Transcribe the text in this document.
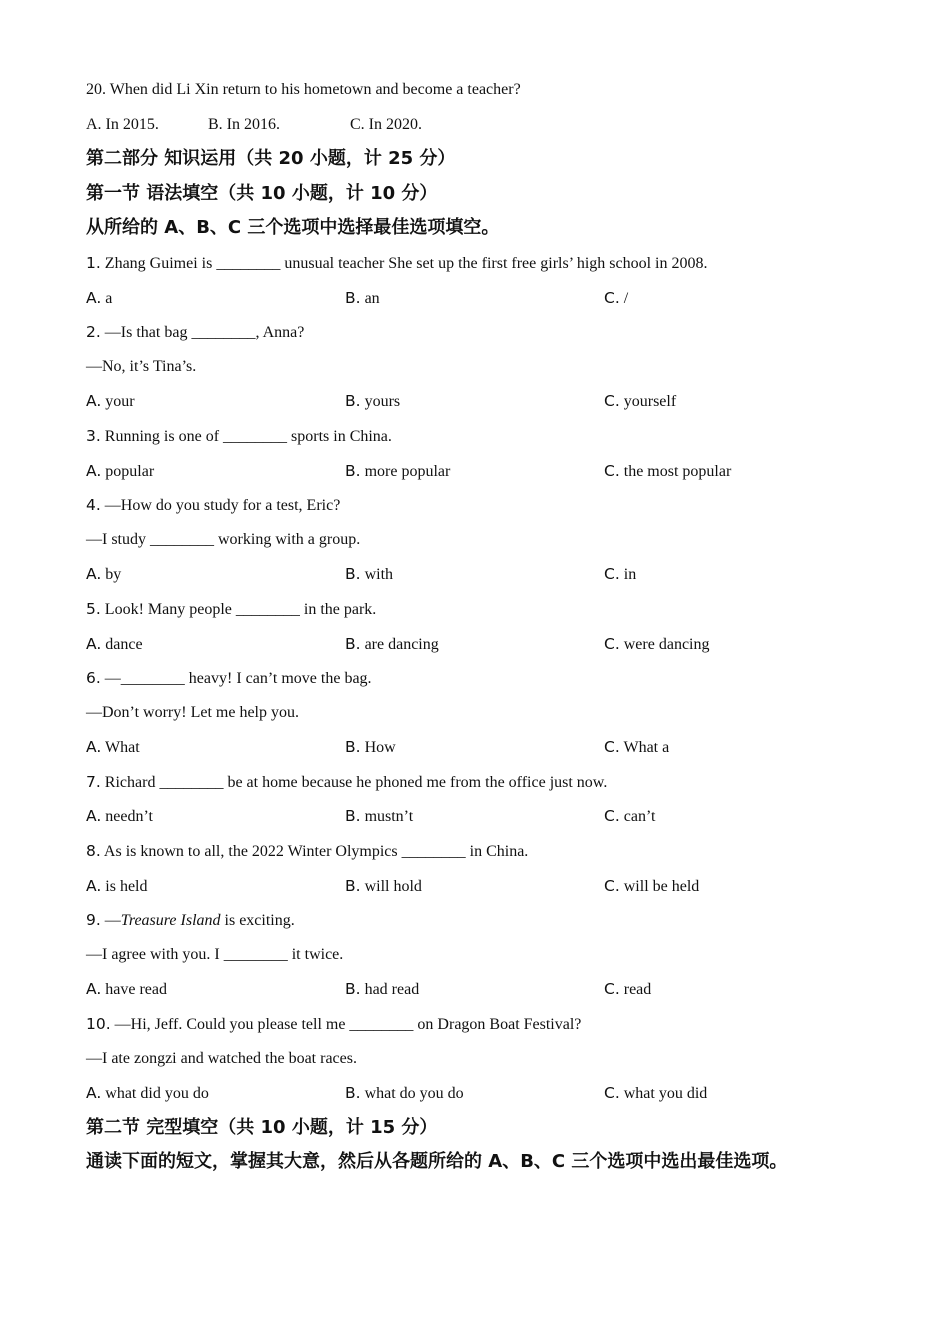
20. When did Li Xin return to his hometown and become a teacher?
A. In 2015.	B. In 2016.	C. In 2020.
第二部分 知识运用（共 20 小题，计 25 分）
第一节 语法填空（共 10 小题，计 10 分）
从所给的 A、B、C 三个选项中选择最佳选项填空。
1. Zhang Guimei is ________ unusual teacher She set up the first free girls’ high school in 2008.
A. a	B. an	C. /
2. —Is that bag ________, Anna?
—No, it’s Tina’s.
A. your	B. yours	C. yourself
3. Running is one of ________ sports in China.
A. popular	B. more popular	C. the most popular
4. —How do you study for a test, Eric?
—I study ________ working with a group.
A. by	B. with	C. in
5. Look! Many people ________ in the park.
A. dance	B. are dancing	C. were dancing
6. —________ heavy! I can’t move the bag.
—Don’t worry! Let me help you.
A. What	B. How	C. What a
7. Richard ________ be at home because he phoned me from the office just now.
A. needn’t	B. mustn’t	C. can’t
8. As is known to all, the 2022 Winter Olympics ________ in China.
A. is held	B. will hold	C. will be held
9. —Treasure Island is exciting.
—I agree with you. I ________ it twice.
A. have read	B. had read	C. read
10. —Hi, Jeff. Could you please tell me ________ on Dragon Boat Festival?
—I ate zongzi and watched the boat races.
A. what did you do	B. what do you do	C. what you did
第二节 完型填空（共 10 小题，计 15 分）
通读下面的短文，掌握其大意，然后从各题所给的 A、B、C 三个选项中选出最佳选项。
